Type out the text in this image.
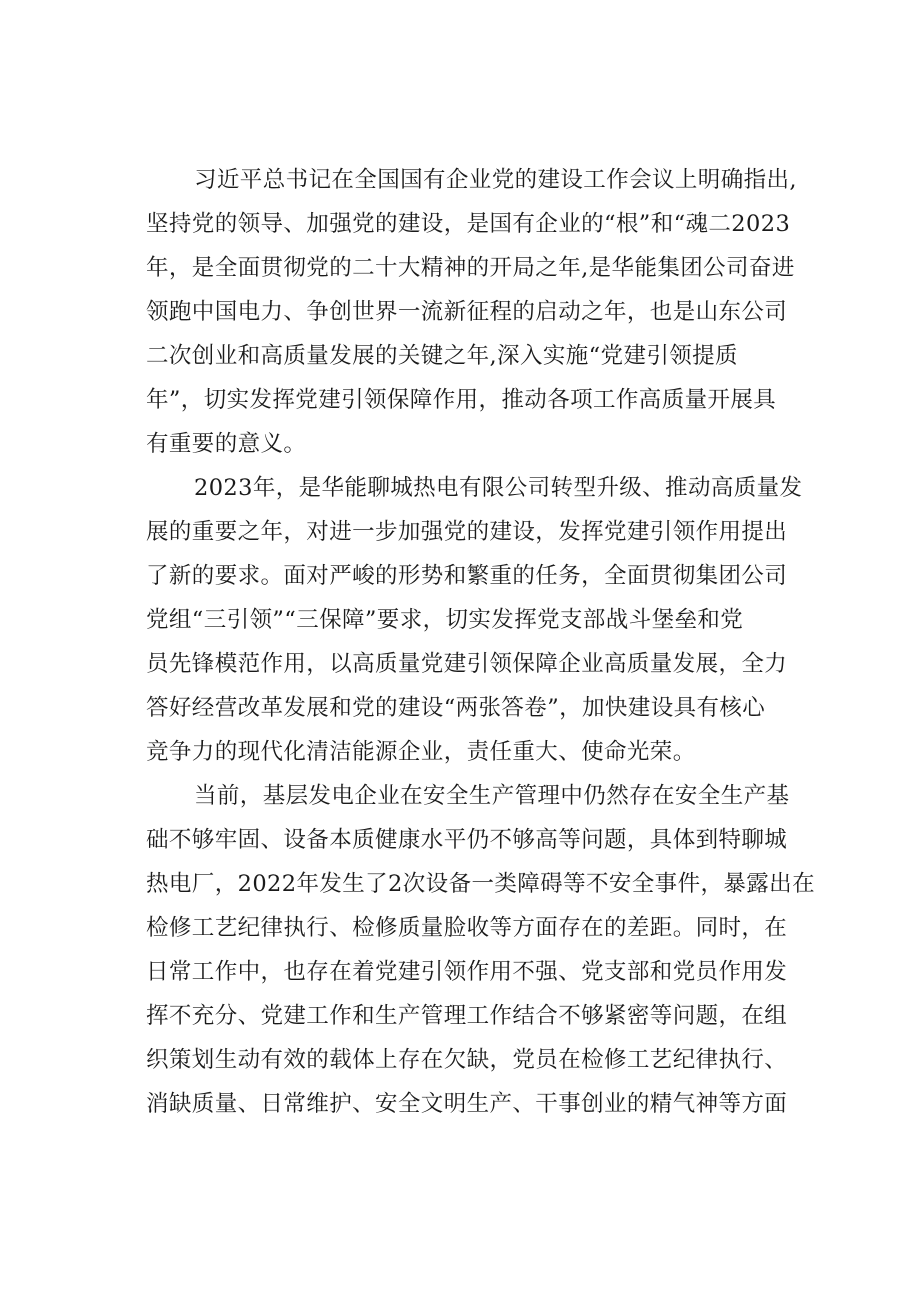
习近平总书记在全国国有企业党的建设工作会议上明确指出,
坚持党的领导、加强党的建设，是国有企业的“根”和“魂二2023
年，是全面贯彻党的二十大精神的开局之年,是华能集团公司奋进
领跑中国电力、争创世界一流新征程的启动之年，也是山东公司
二次创业和高质量发展的关键之年,深入实施“党建引领提质
年”，切实发挥党建引领保障作用，推动各项工作高质量开展具
有重要的意义。
2023年，是华能聊城热电有限公司转型升级、推动高质量发
展的重要之年，对进一步加强党的建设，发挥党建引领作用提出
了新的要求。面对严峻的形势和繁重的任务，全面贯彻集团公司
党组“三引领”“三保障”要求，切实发挥党支部战斗堡垒和党
员先锋模范作用，以高质量党建引领保障企业高质量发展，全力
答好经营改革发展和党的建设“两张答卷”，加快建设具有核心
竞争力的现代化清洁能源企业，责任重大、使命光荣。
当前，基层发电企业在安全生产管理中仍然存在安全生产基
础不够牢固、设备本质健康水平仍不够高等问题，具体到特聊城
热电厂，2022年发生了2次设备一类障碍等不安全事件，暴露出在
检修工艺纪律执行、检修质量脸收等方面存在的差距。同时，在
日常工作中，也存在着党建引领作用不强、党支部和党员作用发
挥不充分、党建工作和生产管理工作结合不够紧密等问题，在组
织策划生动有效的载体上存在欠缺，党员在检修工艺纪律执行、
消缺质量、日常维护、安全文明生产、干事创业的精气神等方面
